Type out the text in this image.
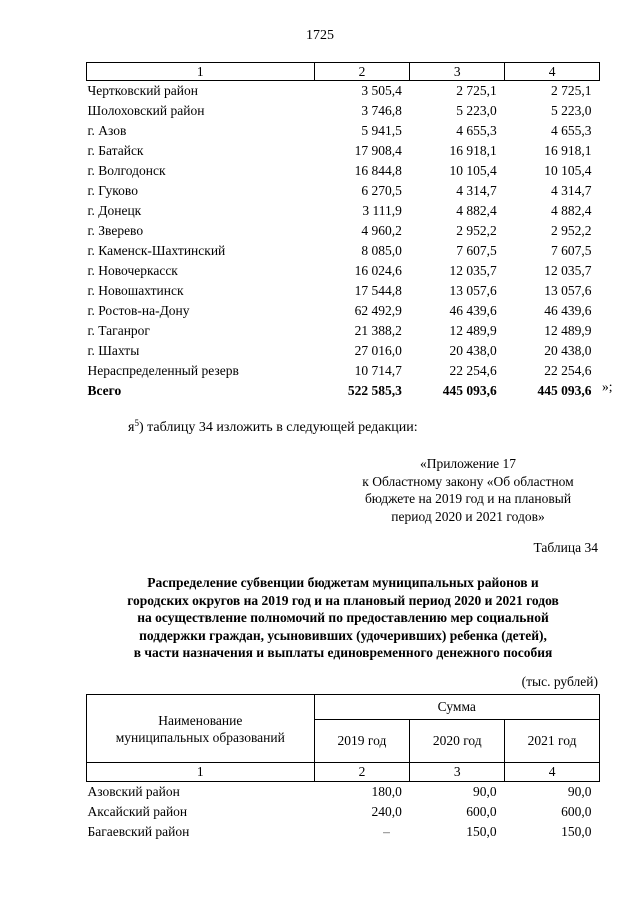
1725
1	2	3	4
Чертковский район	3 505,4	2 725,1	2 725,1
Шолоховский район	3 746,8	5 223,0	5 223,0
г. Азов	5 941,5	4 655,3	4 655,3
г. Батайск	17 908,4	16 918,1	16 918,1
г. Волгодонск	16 844,8	10 105,4	10 105,4
г. Гуково	6 270,5	4 314,7	4 314,7
г. Донецк	3 111,9	4 882,4	4 882,4
г. Зверево	4 960,2	2 952,2	2 952,2
г. Каменск-Шахтинский	8 085,0	7 607,5	7 607,5
г. Новочеркасск	16 024,6	12 035,7	12 035,7
г. Новошахтинск	17 544,8	13 057,6	13 057,6
г. Ростов-на-Дону	62 492,9	46 439,6	46 439,6
г. Таганрог	21 388,2	12 489,9	12 489,9
г. Шахты	27 016,0	20 438,0	20 438,0
Нераспределенный резерв	10 714,7	22 254,6	22 254,6
Всего	522 585,3	445 093,6	445 093,6 »;
$я^5$) таблицу 34 изложить в следующей редакции:
«Приложение 17
к Областному закону «Об областном
бюджете на 2019 год и на плановый
период 2020 и 2021 годов»
Таблица 34
Распределение субвенции бюджетам муниципальных районов и
городских округов на 2019 год и на плановый период 2020 и 2021 годов
на осуществление полномочий по предоставлению мер социальной
поддержки граждан, усыновивших (удочеривших) ребенка (детей),
в части назначения и выплаты единовременного денежного пособия
(тыс. рублей)
Наименование
муниципальных образований	Сумма		
	2019 год	2020 год	2021 год
1	2	3	4
Азовский район	180,0	90,0	90,0
Аксайский район	240,0	600,0	600,0
Багаевский район	–	150,0	150,0
